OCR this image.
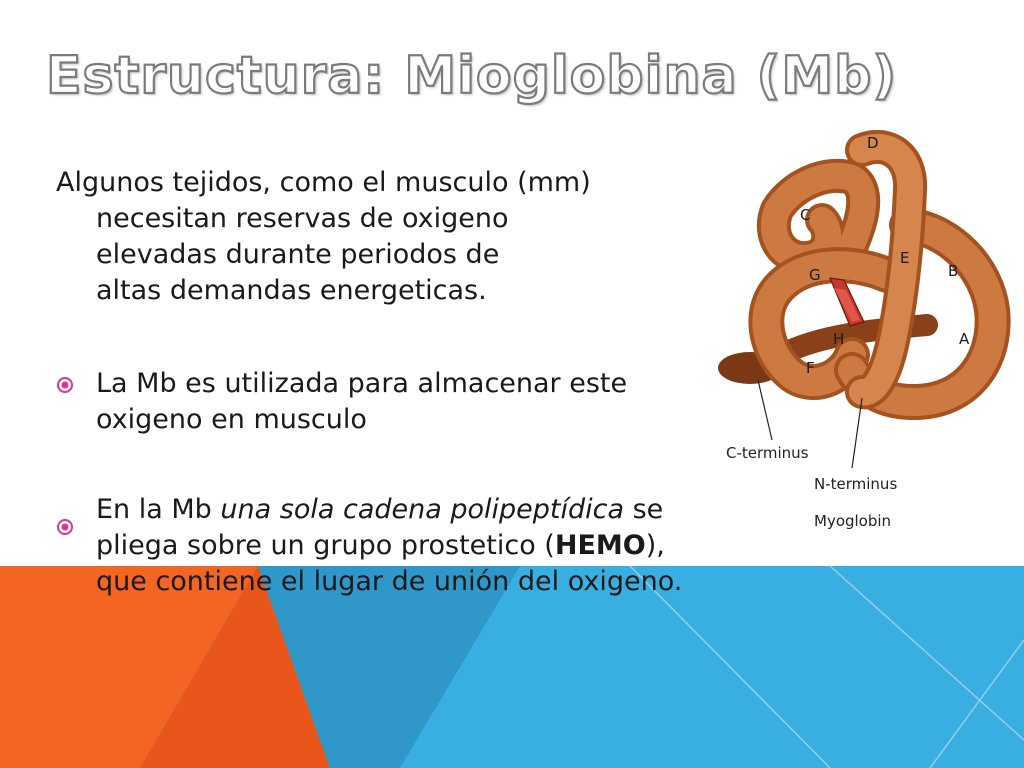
Estructura: Mioglobina (Mb)
Algunos tejidos, como el musculo (mm)

necesitan reservas de oxigeno
elevadas durante periodos de
altas demandas energeticas.
La Mb es utilizada para almacenar este oxigeno en musculo
En la Mb una sola cadena polipeptídica se pliega sobre un grupo prostetico (HEMO), que contiene el lugar de unión del oxigeno.
D
C
E
G	B
H	A
F
C-terminus
N-terminus
Myoglobin
